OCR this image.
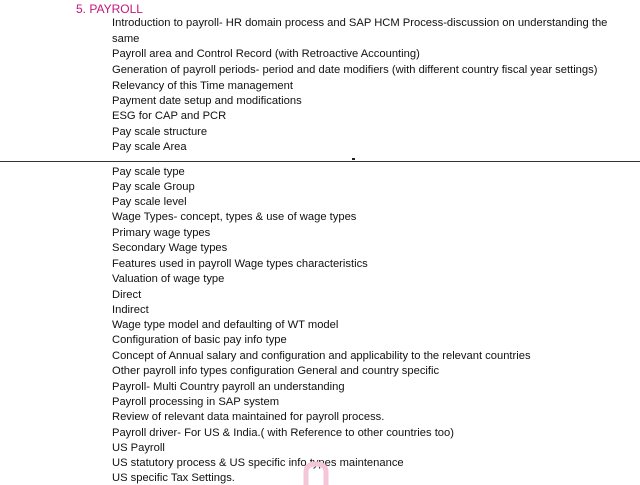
5. PAYROLL
Introduction to payroll- HR domain process and SAP HCM Process-discussion on understanding the same
Payroll area and Control Record (with Retroactive Accounting)
Generation of payroll periods- period and date modifiers (with different country fiscal year settings) Relevancy of this Time management
Payment date setup and modifications
ESG for CAP and PCR
Pay scale structure
Pay scale Area
Pay scale type
Pay scale Group
Pay scale level
Wage Types- concept, types & use of wage types
Primary wage types
Secondary Wage types
Features used in payroll Wage types characteristics
Valuation of wage type
Direct
Indirect
Wage type model and defaulting of WT model
Configuration of basic pay info type
Concept of Annual salary and configuration and applicability to the relevant countries
Other payroll info types configuration General and country specific
Payroll- Multi Country payroll an understanding
Payroll processing in SAP system
Review of relevant data maintained for payroll process.
Payroll driver- For US & India.( with Reference to other countries too)
US Payroll
US statutory process & US specific info types maintenance
US specific Tax Settings.
